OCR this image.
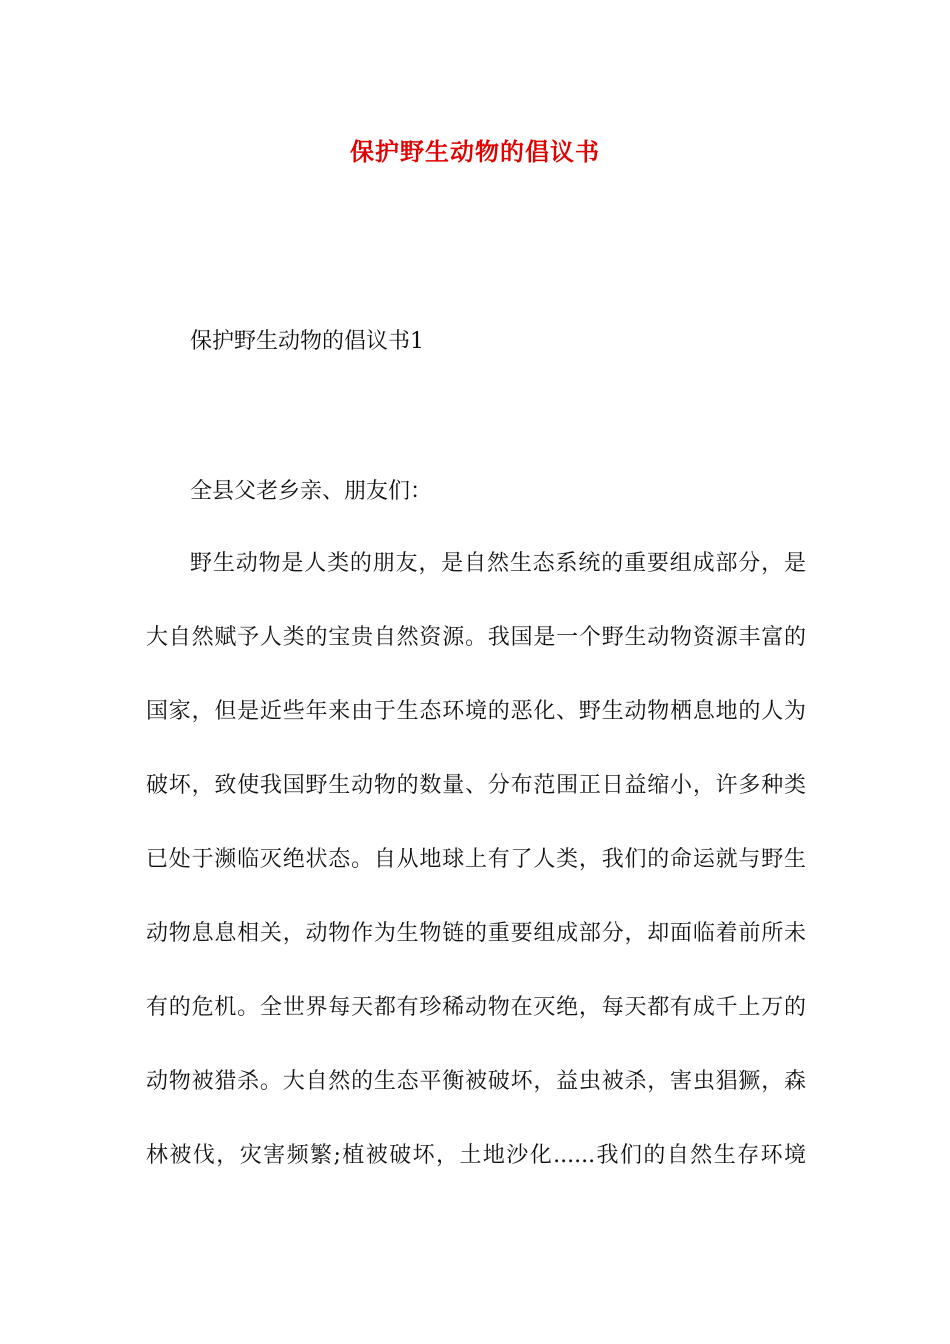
保护野生动物的倡议书
保护野生动物的倡议书1
全县父老乡亲、朋友们：
野生动物是人类的朋友，是自然生态系统的重要组成部分，是
大自然赋予人类的宝贵自然资源。我国是一个野生动物资源丰富的
国家，但是近些年来由于生态环境的恶化、野生动物栖息地的人为
破坏，致使我国野生动物的数量、分布范围正日益缩小，许多种类
已处于濒临灭绝状态。自从地球上有了人类，我们的命运就与野生
动物息息相关，动物作为生物链的重要组成部分，却面临着前所未
有的危机。全世界每天都有珍稀动物在灭绝，每天都有成千上万的
动物被猎杀。大自然的生态平衡被破坏，益虫被杀，害虫猖獗，森
林被伐，灾害频繁;植被破坏，土地沙化......我们的自然生存环境
